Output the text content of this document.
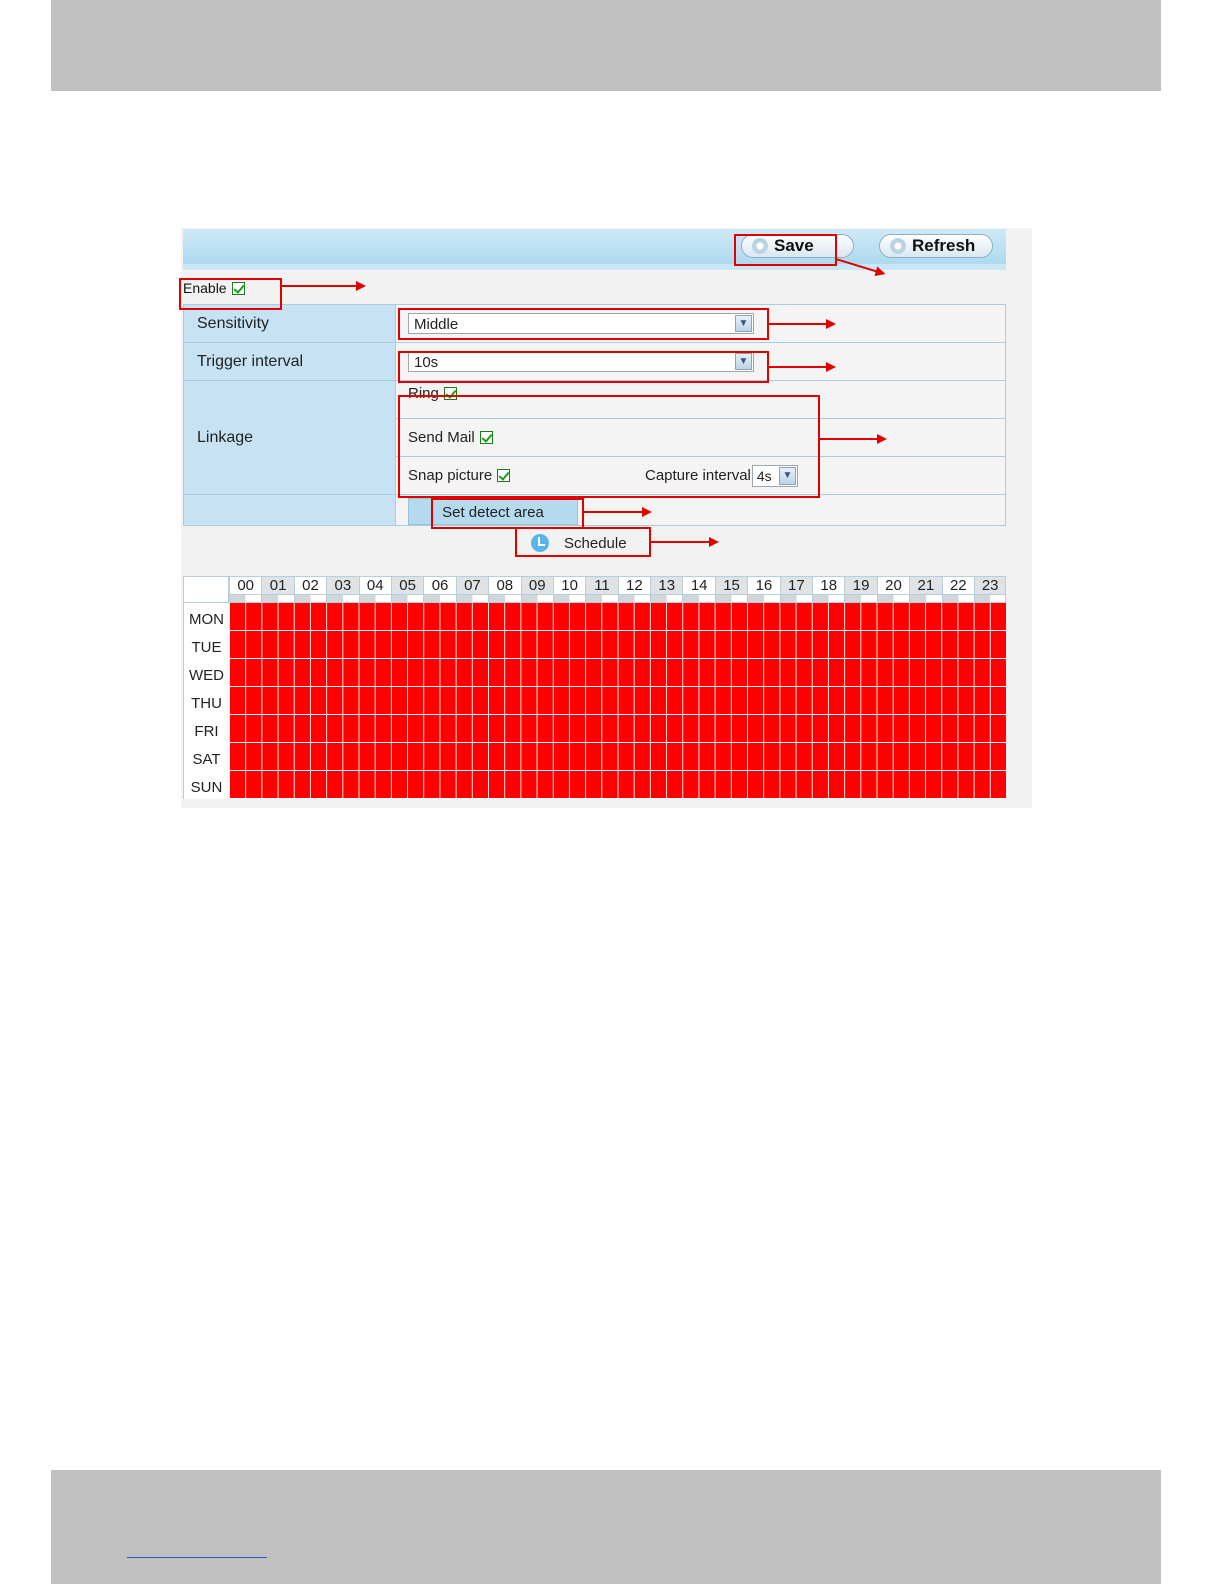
Save	Refresh
Enable
Sensitivity	Middle ▼

Trigger interval	10s ▼

Linkage	Ring

	Send Mail

	Snap picture Capture interval 4s ▼

	Set detect area
Schedule
00	01	02	03	04	05	06	07	08	09	10	11	12	13	14	15	16	17	18	19	20	21	22	23
MON
TUE
WED
THU
FRI
SAT
SUN
